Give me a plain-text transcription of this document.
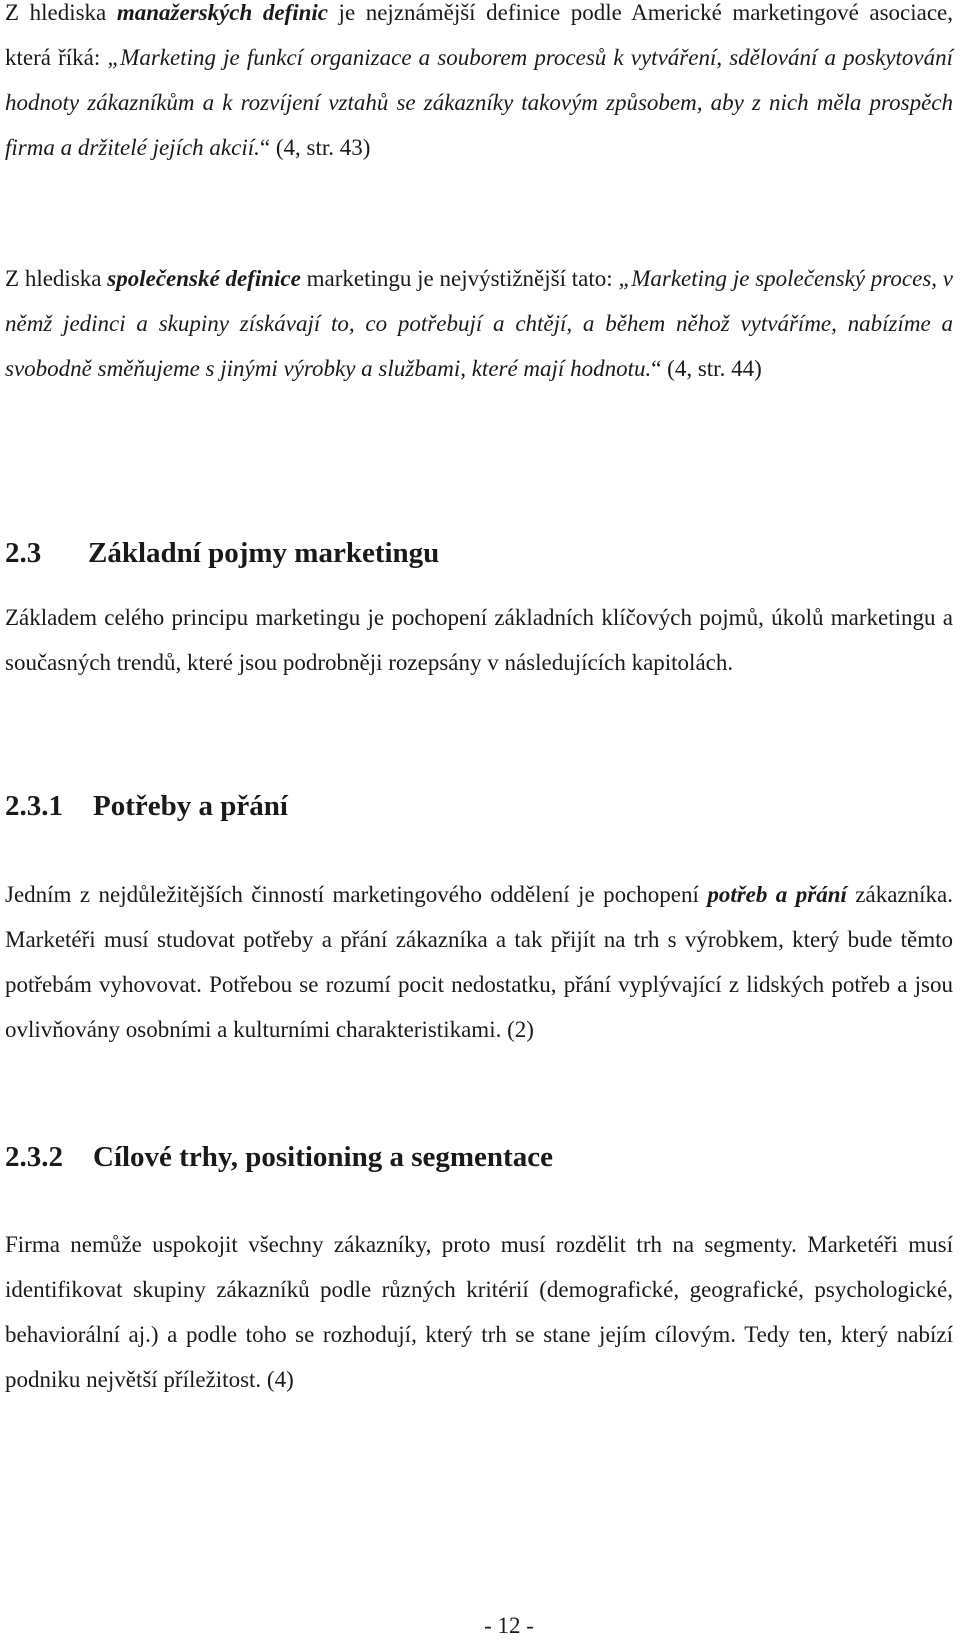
Z hlediska manažerských definic je nejznámější definice podle Americké marketingové asociace, která říká: „Marketing je funkcí organizace a souborem procesů k vytváření, sdělování a poskytování hodnoty zákazníkům a k rozvíjení vztahů se zákazníky takovým způsobem, aby z nich měla prospěch firma a držitelé jejích akcií.“ (4, str. 43)

Z hlediska společenské definice marketingu je nejvýstižnější tato: „Marketing je společenský proces, v němž jedinci a skupiny získávají to, co potřebují a chtějí, a během něhož vytváříme, nabízíme a svobodně směňujeme s jinými výrobky a službami, které mají hodnotu.“ (4, str. 44)

2.3 Základní pojmy marketingu

Základem celého principu marketingu je pochopení základních klíčových pojmů, úkolů marketingu a současných trendů, které jsou podrobněji rozepsány v následujících kapitolách.

2.3.1 Potřeby a přání

Jedním z nejdůležitějších činností marketingového oddělení je pochopení potřeb a přání zákazníka. Marketéři musí studovat potřeby a přání zákazníka a tak přijít na trh s výrobkem, který bude těmto potřebám vyhovovat. Potřebou se rozumí pocit nedostatku, přání vyplývající z lidských potřeb a jsou ovlivňovány osobními a kulturními charakteristikami. (2)

2.3.2 Cílové trhy, positioning a segmentace

Firma nemůže uspokojit všechny zákazníky, proto musí rozdělit trh na segmenty. Marketéři musí identifikovat skupiny zákazníků podle různých kritérií (demografické, geografické, psychologické, behaviorální aj.) a podle toho se rozhodují, který trh se stane jejím cílovým. Tedy ten, který nabízí podniku největší příležitost. (4)

- 12 -
